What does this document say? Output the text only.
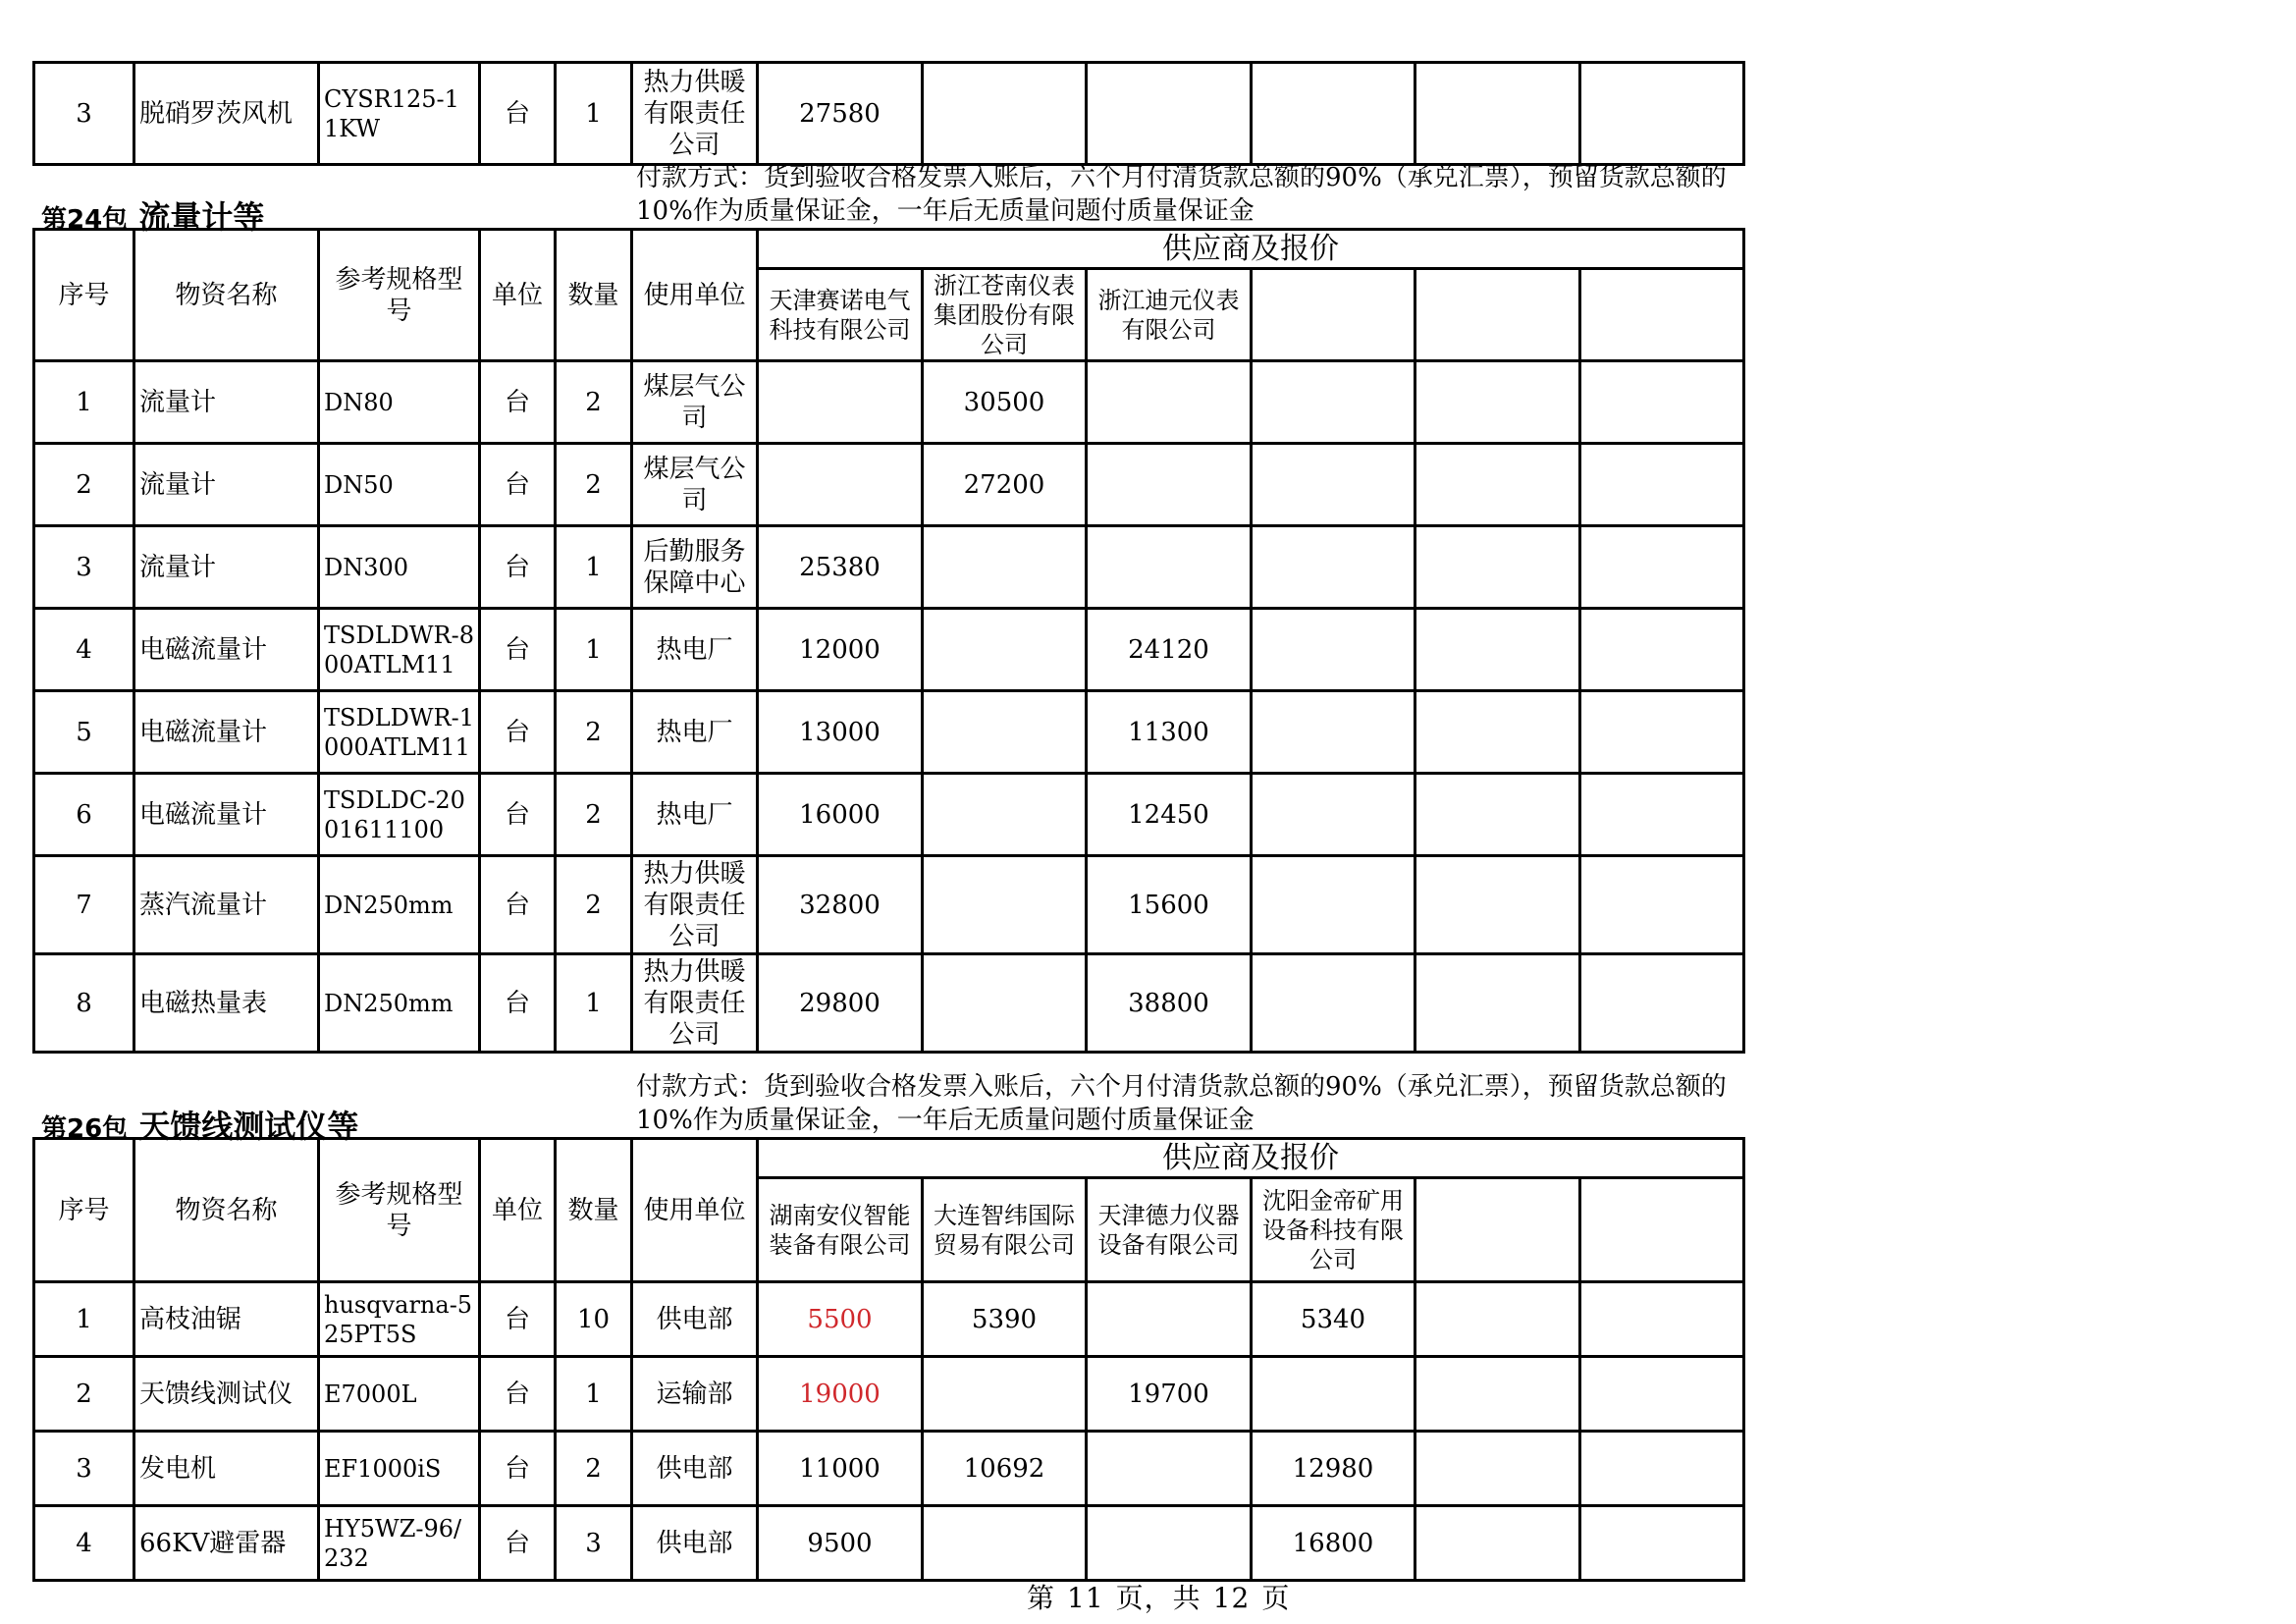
3	脱硝罗茨风机	CYSR125-11KW	台	1	热力供暖有限责任公司	27580					
付款方式：货到验收合格发票入账后，六个月付清货款总额的90%（承兑汇票），预留货款总额的10%作为质量保证金，一年后无质量问题付质量保证金
第24包 流量计等
序号	物资名称	参考规格型号	单位	数量	使用单位	供应商及报价					
						天津赛诺电气科技有限公司	浙江苍南仪表集团股份有限公司	浙江迪元仪表有限公司			
1	流量计	DN80	台	2	煤层气公司		30500				
2	流量计	DN50	台	2	煤层气公司		27200				
3	流量计	DN300	台	1	后勤服务保障中心	25380					
4	电磁流量计	TSDLDWR-800ATLM11	台	1	热电厂	12000		24120			
5	电磁流量计	TSDLDWR-1000ATLM11	台	2	热电厂	13000		11300			
6	电磁流量计	TSDLDC-2001611100	台	2	热电厂	16000		12450			
7	蒸汽流量计	DN250mm	台	2	热力供暖有限责任公司	32800		15600			
8	电磁热量表	DN250mm	台	1	热力供暖有限责任公司	29800		38800			
付款方式：货到验收合格发票入账后，六个月付清货款总额的90%（承兑汇票），预留货款总额的10%作为质量保证金，一年后无质量问题付质量保证金
第26包 天馈线测试仪等
序号	物资名称	参考规格型号	单位	数量	使用单位	供应商及报价					
						湖南安仪智能装备有限公司	大连智纬国际贸易有限公司	天津德力仪器设备有限公司	沈阳金帝矿用设备科技有限公司		
1	高枝油锯	husqvarna-525PT5S	台	10	供电部	5500	5390		5340		
2	天馈线测试仪	E7000L	台	1	运输部	19000		19700			
3	发电机	EF1000iS	台	2	供电部	11000	10692		12980		
4	66KV避雷器	HY5WZ-96/232	台	3	供电部	9500			16800		
第 11 页，共 12 页
